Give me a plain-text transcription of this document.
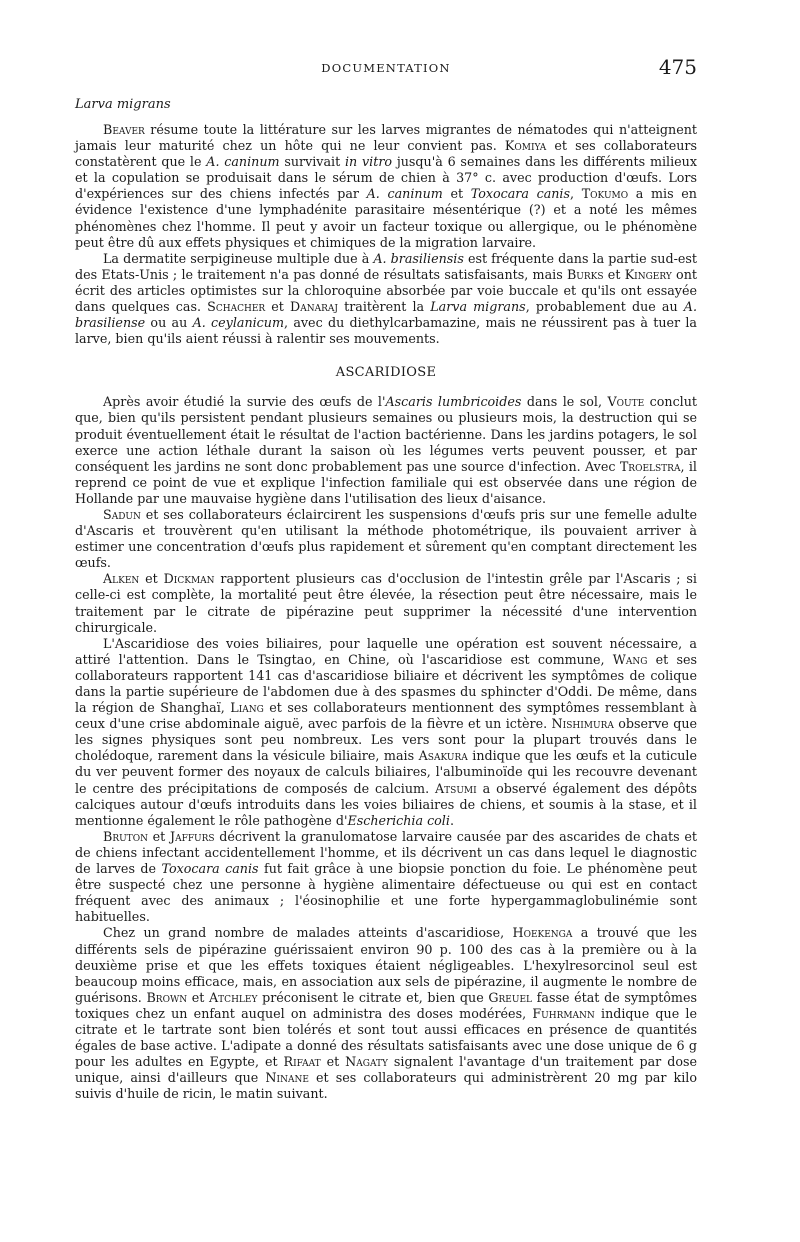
DOCUMENTATION	475
Larva migrans

Beaver résume toute la littérature sur les larves migrantes de nématodes qui n'atteignent jamais leur maturité chez un hôte qui ne leur convient pas. Komiya et ses collaborateurs constatèrent que le A. caninum survivait in vitro jusqu'à 6 semaines dans les différents milieux et la copulation se produisait dans le sérum de chien à 37° c. avec production d'œufs. Lors d'expériences sur des chiens infectés par A. caninum et Toxocara canis, Tokumo a mis en évidence l'existence d'une lymphadénite parasitaire mésentérique (?) et a noté les mêmes phénomènes chez l'homme. Il peut y avoir un facteur toxique ou allergique, ou le phénomène peut être dû aux effets physiques et chimiques de la migration larvaire.

La dermatite serpigineuse multiple due à A. brasiliensis est fréquente dans la partie sud-est des Etats-Unis ; le traitement n'a pas donné de résultats satisfaisants, mais Burks et Kingery ont écrit des articles optimistes sur la chloroquine absorbée par voie buccale et qu'ils ont essayée dans quelques cas. Schacher et Danaraj traitèrent la Larva migrans, probablement due au A. brasiliense ou au A. ceylanicum, avec du diethylcarbamazine, mais ne réussirent pas à tuer la larve, bien qu'ils aient réussi à ralentir ses mouvements.

ASCARIDIOSE

Après avoir étudié la survie des œufs de l'Ascaris lumbricoides dans le sol, Voute conclut que, bien qu'ils persistent pendant plusieurs semaines ou plusieurs mois, la destruction qui se produit éventuellement était le résultat de l'action bactérienne. Dans les jardins potagers, le sol exerce une action léthale durant la saison où les légumes verts peuvent pousser, et par conséquent les jardins ne sont donc probablement pas une source d'infection. Avec Troelstra, il reprend ce point de vue et explique l'infection familiale qui est observée dans une région de Hollande par une mauvaise hygiène dans l'utilisation des lieux d'aisance.

Sadun et ses collaborateurs éclaircirent les suspensions d'œufs pris sur une femelle adulte d'Ascaris et trouvèrent qu'en utilisant la méthode photométrique, ils pouvaient arriver à estimer une concentration d'œufs plus rapidement et sûrement qu'en comptant directement les œufs.

Alken et Dickman rapportent plusieurs cas d'occlusion de l'intestin grêle par l'Ascaris ; si celle-ci est complète, la mortalité peut être élevée, la résection peut être nécessaire, mais le traitement par le citrate de pipérazine peut supprimer la nécessité d'une intervention chirurgicale.

L'Ascaridiose des voies biliaires, pour laquelle une opération est souvent nécessaire, a attiré l'attention. Dans le Tsingtao, en Chine, où l'ascaridiose est commune, Wang et ses collaborateurs rapportent 141 cas d'ascaridiose biliaire et décrivent les symptômes de colique dans la partie supérieure de l'abdomen due à des spasmes du sphincter d'Oddi. De même, dans la région de Shanghaï, Liang et ses collaborateurs mentionnent des symptômes ressemblant à ceux d'une crise abdominale aiguë, avec parfois de la fièvre et un ictère. Nishimura observe que les signes physiques sont peu nombreux. Les vers sont pour la plupart trouvés dans le cholédoque, rarement dans la vésicule biliaire, mais Asakura indique que les œufs et la cuticule du ver peuvent former des noyaux de calculs biliaires, l'albuminoïde qui les recouvre devenant le centre des précipitations de composés de calcium. Atsumi a observé également des dépôts calciques autour d'œufs introduits dans les voies biliaires de chiens, et soumis à la stase, et il mentionne également le rôle pathogène d'Escherichia coli.

Bruton et Jaffurs décrivent la granulomatose larvaire causée par des ascarides de chats et de chiens infectant accidentellement l'homme, et ils décrivent un cas dans lequel le diagnostic de larves de Toxocara canis fut fait grâce à une biopsie ponction du foie. Le phénomène peut être suspecté chez une personne à hygiène alimentaire défectueuse ou qui est en contact fréquent avec des animaux ; l'éosinophilie et une forte hypergammaglobulinémie sont habituelles.

Chez un grand nombre de malades atteints d'ascaridiose, Hoekenga a trouvé que les différents sels de pipérazine guérissaient environ 90 p. 100 des cas à la première ou à la deuxième prise et que les effets toxiques étaient négligeables. L'hexylresorcinol seul est beaucoup moins efficace, mais, en association aux sels de pipérazine, il augmente le nombre de guérisons. Brown et Atchley préconisent le citrate et, bien que Greuel fasse état de symptômes toxiques chez un enfant auquel on administra des doses modérées, Fuhrmann indique que le citrate et le tartrate sont bien tolérés et sont tout aussi efficaces en présence de quantités égales de base active. L'adipate a donné des résultats satisfaisants avec une dose unique de 6 g pour les adultes en Egypte, et Rifaat et Nagaty signalent l'avantage d'un traitement par dose unique, ainsi d'ailleurs que Ninane et ses collaborateurs qui administrèrent 20 mg par kilo suivis d'huile de ricin, le matin suivant.
